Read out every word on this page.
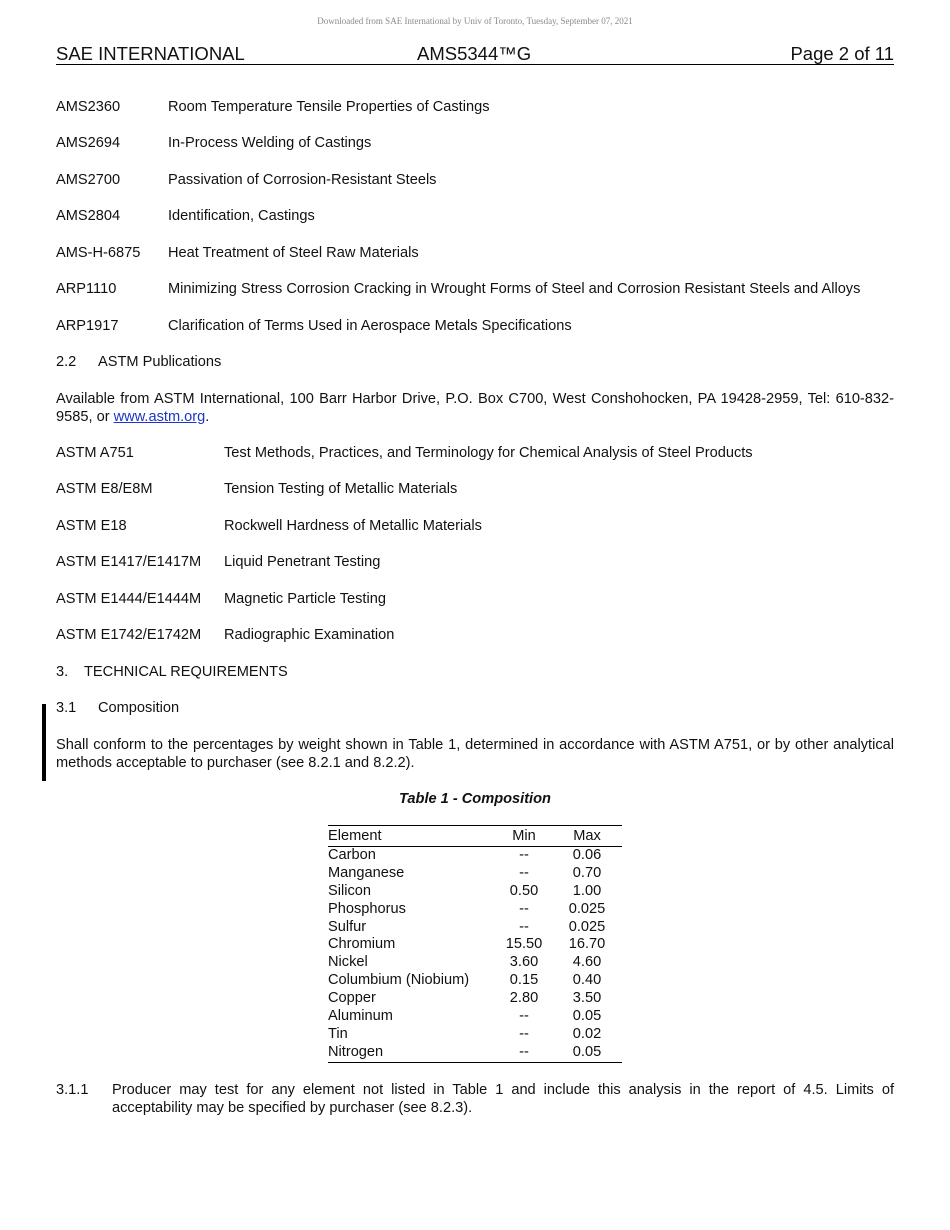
Downloaded from SAE International by Univ of Toronto, Tuesday, September 07, 2021
SAE INTERNATIONAL	AMS5344™G	Page 2 of 11
AMS2360	Room Temperature Tensile Properties of Castings
AMS2694	In-Process Welding of Castings
AMS2700	Passivation of Corrosion-Resistant Steels
AMS2804	Identification, Castings
AMS-H-6875 Heat Treatment of Steel Raw Materials
ARP1110	Minimizing Stress Corrosion Cracking in Wrought Forms of Steel and Corrosion Resistant Steels and Alloys
ARP1917	Clarification of Terms Used in Aerospace Metals Specifications
2.2 ASTM Publications
Available from ASTM International, 100 Barr Harbor Drive, P.O. Box C700, West Conshohocken, PA 19428-2959, Tel: 610-832-9585, or www.astm.org.
ASTM A751	Test Methods, Practices, and Terminology for Chemical Analysis of Steel Products
ASTM E8/E8M	Tension Testing of Metallic Materials
ASTM E18	Rockwell Hardness of Metallic Materials
ASTM E1417/E1417M Liquid Penetrant Testing
ASTM E1444/E1444M Magnetic Particle Testing
ASTM E1742/E1742M Radiographic Examination
3. TECHNICAL REQUIREMENTS
3.1 Composition
Shall conform to the percentages by weight shown in Table 1, determined in accordance with ASTM A751, or by other analytical methods acceptable to purchaser (see 8.2.1 and 8.2.2).
Table 1 - Composition
Element	Min	Max
Carbon	--	0.06
Manganese	--	0.70
Silicon	0.50	1.00
Phosphorus	--	0.025
Sulfur	--	0.025
Chromium	15.50	16.70
Nickel	3.60	4.60
Columbium (Niobium)	0.15	0.40
Copper	2.80	3.50
Aluminum	--	0.05
Tin	--	0.02
Nitrogen	--	0.05
3.1.1 Producer may test for any element not listed in Table 1 and include this analysis in the report of 4.5. Limits of acceptability may be specified by purchaser (see 8.2.3).
